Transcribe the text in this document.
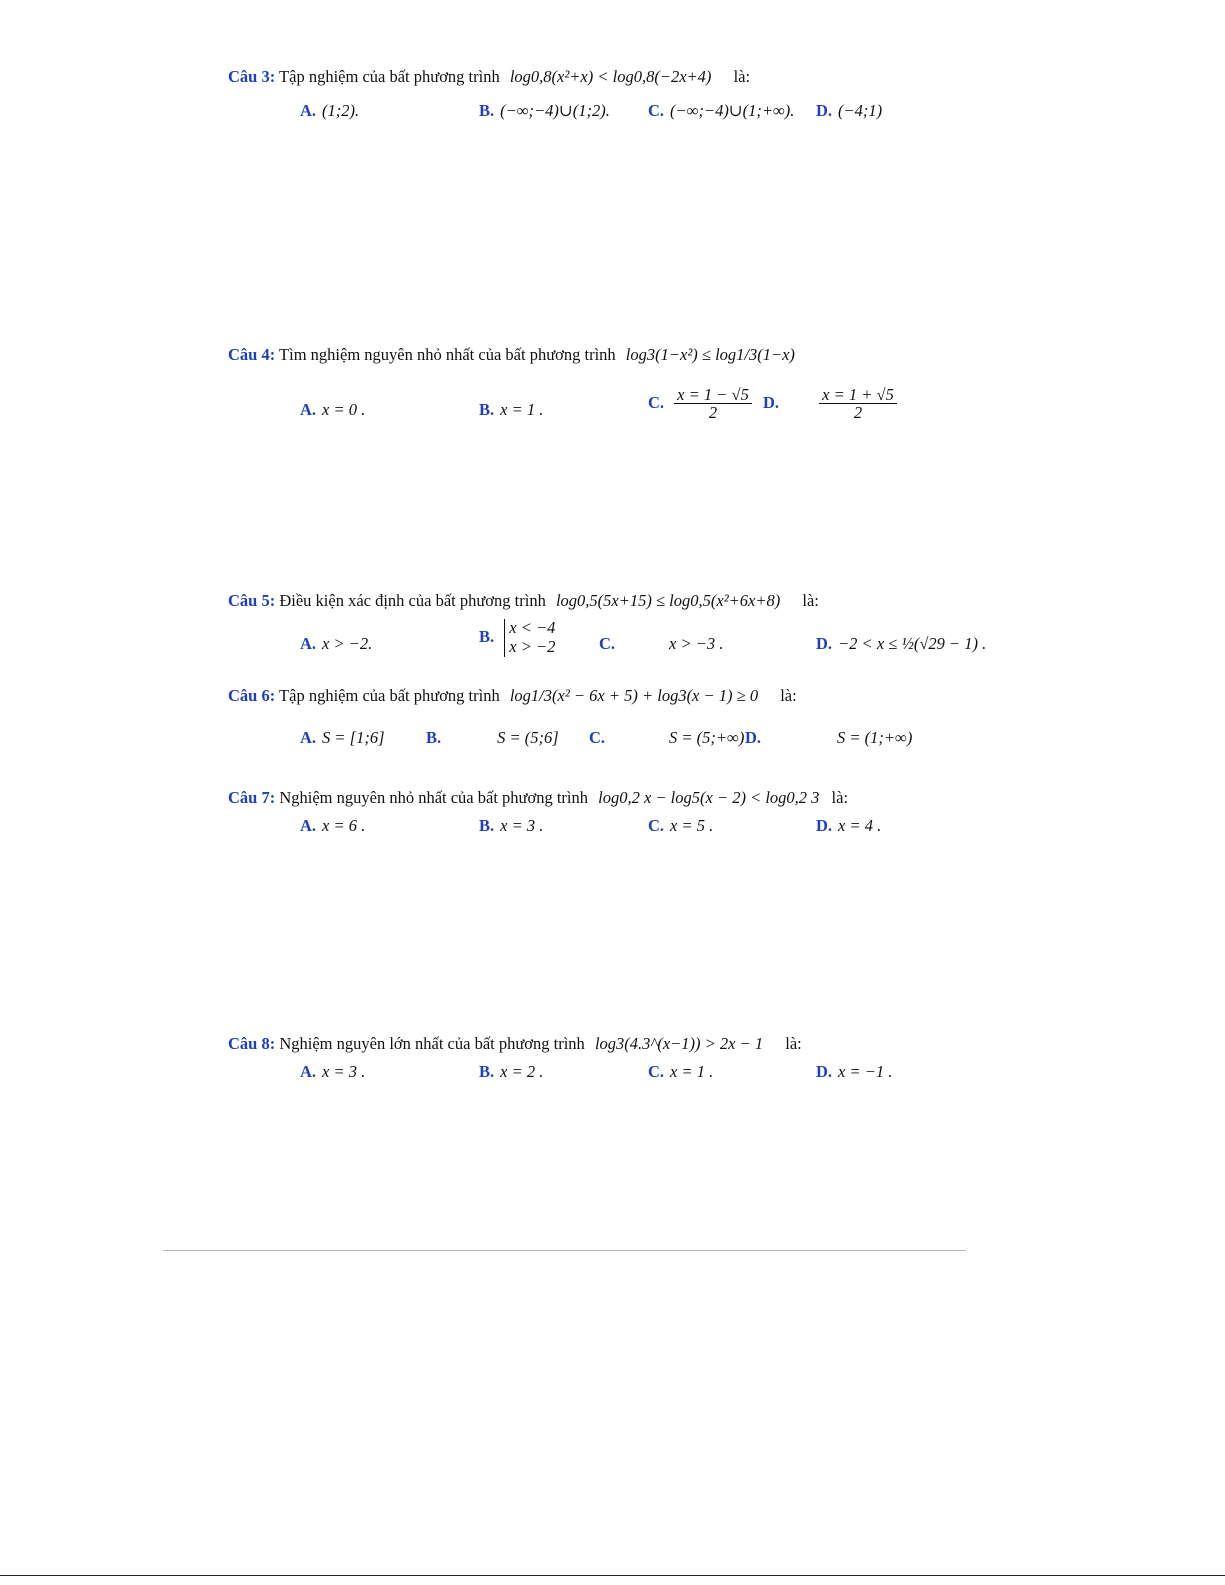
Câu 3: Tập nghiệm của bất phương trình log0,8(x²+x) < log0,8(−2x+4) là:
A. (1;2).	B. (−∞;−4)∪(1;2). C. (−∞;−4)∪(1;+∞). D. (−4;1)
Câu 4: Tìm nghiệm nguyên nhỏ nhất của bất phương trình log3(1−x²) ≤ log1/3(1−x)
A. x = 0 .	B. x = 1 .	C. $\frac{x = 1 - √5}{2} D$. $\frac{x = 1 + √5}{2}$
Câu 5: Điều kiện xác định của bất phương trình log0,5(5x+15) ≤ log0,5(x²+6x+8) là:
A. x > −2.	B. x < −4
x > −2	C.	x > −3 .	D. −2 < x ≤ ½(√29 − 1) .
Câu 6: Tập nghiệm của bất phương trình log1/3(x² − 6x + 5) + log3(x − 1) ≥ 0 là:
A. S = [1;6]	B.	S = (5;6] C.	S = (5;+∞) D.	S = (1;+∞)
Câu 7: Nghiệm nguyên nhỏ nhất của bất phương trình log0,2 x − log5(x − 2) < log0,2 3 là:
A. x = 6 .	B. x = 3 .	C. x = 5 .	D. x = 4 .
Câu 8: Nghiệm nguyên lớn nhất của bất phương trình log3(4.3^(x−1)) > 2x − 1 là:
A. x = 3 .	B. x = 2 .	C. x = 1 .	D. x = −1 .
